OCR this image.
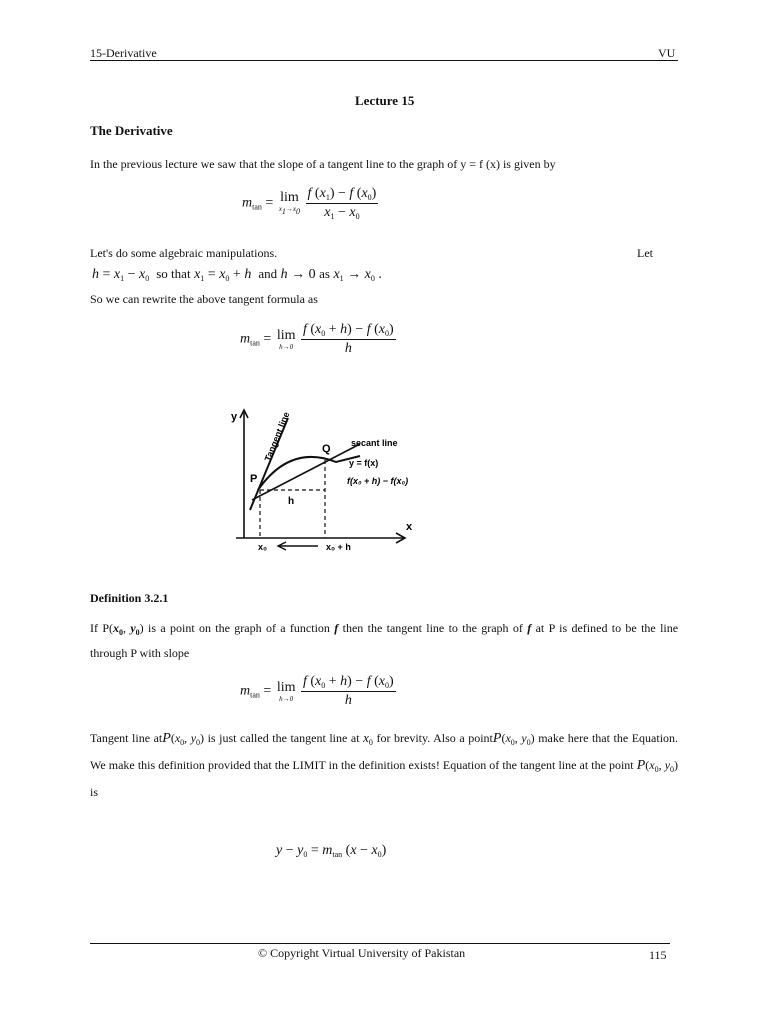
15-Derivative	VU
Lecture 15
The Derivative
In the previous lecture we saw that the slope of a tangent line to the graph of y = f (x) is given by
$m_{tan} = \lim$
$x_1\to x_0$
$\frac{f (x_1) - f (x_0)}{x_1 - x_0}$
Let's do some algebraic manipulations.	Let
$h = x_1 - x_0$ so that $x_1 = x_0 + h$ and h → 0 as $x_1 \to x_0$ .
So we can rewrite the above tangent formula as
$m_{tan} = \lim$
h→0
$\frac{f (x_0 + h) - f (x_0)}{h}$
y
x
Tangent line	Q
P
secant line
y = f(x)
f(x₀ + h) − f(x₀)
h
x₀	x₀ + h
Definition 3.2.1
If $P(x_0$, $y_0$) is a point on the graph of a function f then the tangent line to the graph of f at P is defined to be the line through P with slope
$m_{tan} = \lim$
h→0
$\frac{f (x_0 + h) - f (x_0)}{h}$
Tangent line $atP(x_0$, $y_0$) is just called the tangent line at $x_0$ for brevity. Also a $pointP(x_0$, $y_0$) make here that the Equation. We make this definition provided that the LIMIT in the definition exists! Equation of the tangent line at the point $P(x_0$, $y_0$) is
$y - y_0 = m_{tan}$ $(x - x_0)$
© Copyright Virtual University of Pakistan	115
